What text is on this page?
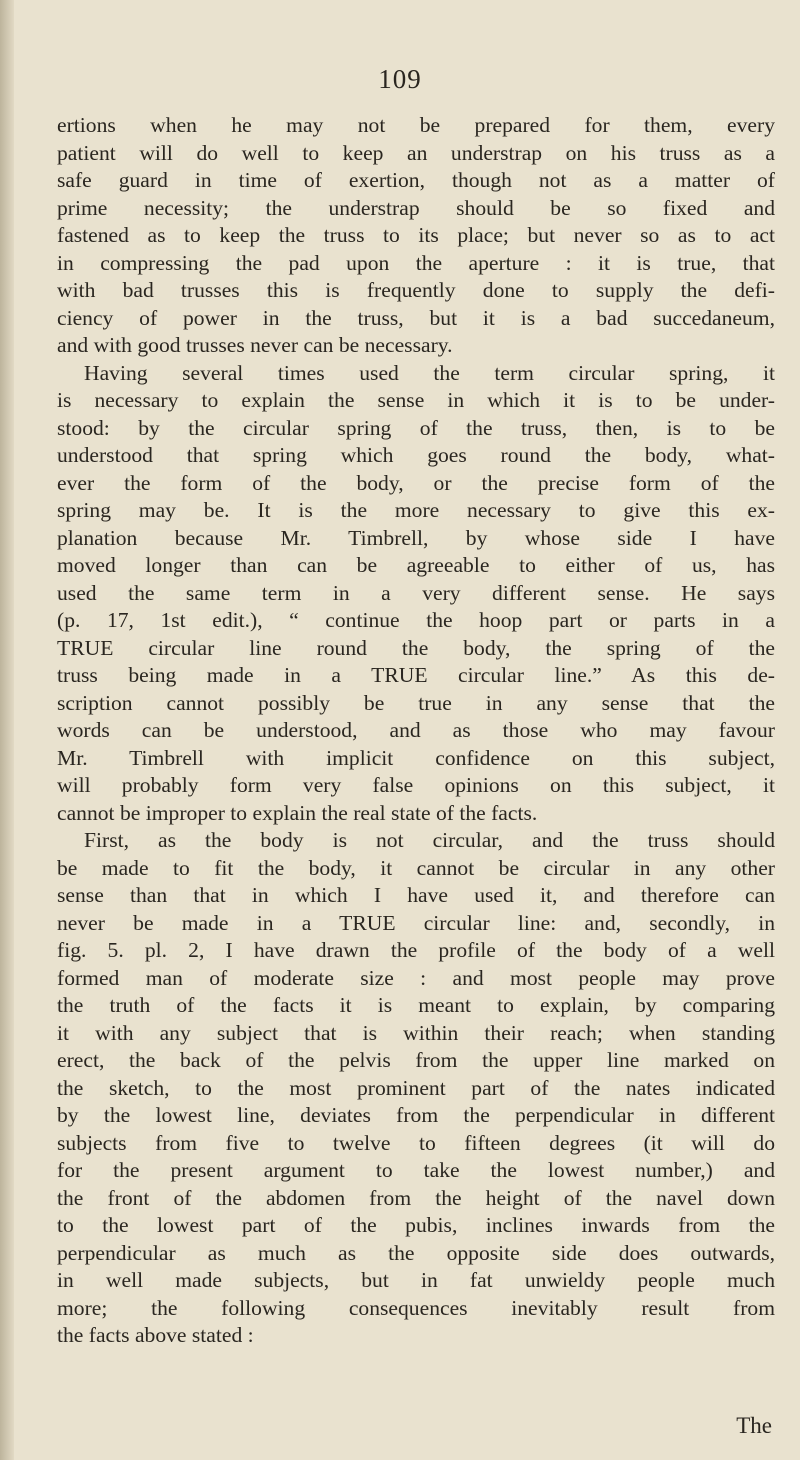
109
ertions when he may not be prepared for them, every
patient will do well to keep an understrap on his truss as a
safe guard in time of exertion, though not as a matter of
prime necessity; the understrap should be so fixed and
fastened as to keep the truss to its place; but never so as to act
in compressing the pad upon the aperture : it is true, that
with bad trusses this is frequently done to supply the defi-
ciency of power in the truss, but it is a bad succedaneum,
and with good trusses never can be necessary.
Having several times used the term circular spring, it
is necessary to explain the sense in which it is to be under-
stood: by the circular spring of the truss, then, is to be
understood that spring which goes round the body, what-
ever the form of the body, or the precise form of the
spring may be. It is the more necessary to give this ex-
planation because Mr. Timbrell, by whose side I have
moved longer than can be agreeable to either of us, has
used the same term in a very different sense. He says
(p. 17, 1st edit.), “ continue the hoop part or parts in a
TRUE circular line round the body, the spring of the
truss being made in a TRUE circular line.” As this de-
scription cannot possibly be true in any sense that the
words can be understood, and as those who may favour
Mr. Timbrell with implicit confidence on this subject,
will probably form very false opinions on this subject, it
cannot be improper to explain the real state of the facts.
First, as the body is not circular, and the truss should
be made to fit the body, it cannot be circular in any other
sense than that in which I have used it, and therefore can
never be made in a TRUE circular line: and, secondly, in
fig. 5. pl. 2, I have drawn the profile of the body of a well
formed man of moderate size : and most people may prove
the truth of the facts it is meant to explain, by comparing
it with any subject that is within their reach; when standing
erect, the back of the pelvis from the upper line marked on
the sketch, to the most prominent part of the nates indicated
by the lowest line, deviates from the perpendicular in different
subjects from five to twelve to fifteen degrees (it will do
for the present argument to take the lowest number,) and
the front of the abdomen from the height of the navel down
to the lowest part of the pubis, inclines inwards from the
perpendicular as much as the opposite side does outwards,
in well made subjects, but in fat unwieldy people much
more; the following consequences inevitably result from
the facts above stated :
The
